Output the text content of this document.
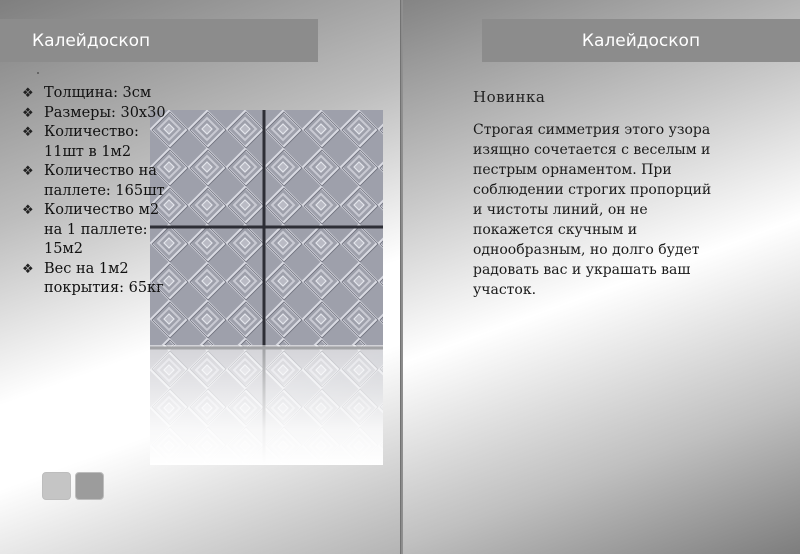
Калейдоскоп
❖ Толщина: 3см
❖ Размеры: 30х30
❖ Количество: 11шт в 1м2
❖ Количество на паллете: 165шт
❖ Количество м2 на 1 паллете: 15м2
❖ Вес на 1м2 покрытия: 65кг
Калейдоскоп
Новинка
Строгая симметрия этого узора изящно сочетается с веселым и пестрым орнаментом. При соблюдении строгих пропорций и чистоты линий, он не покажется скучным и однообразным, но долго будет радовать вас и украшать ваш участок.
